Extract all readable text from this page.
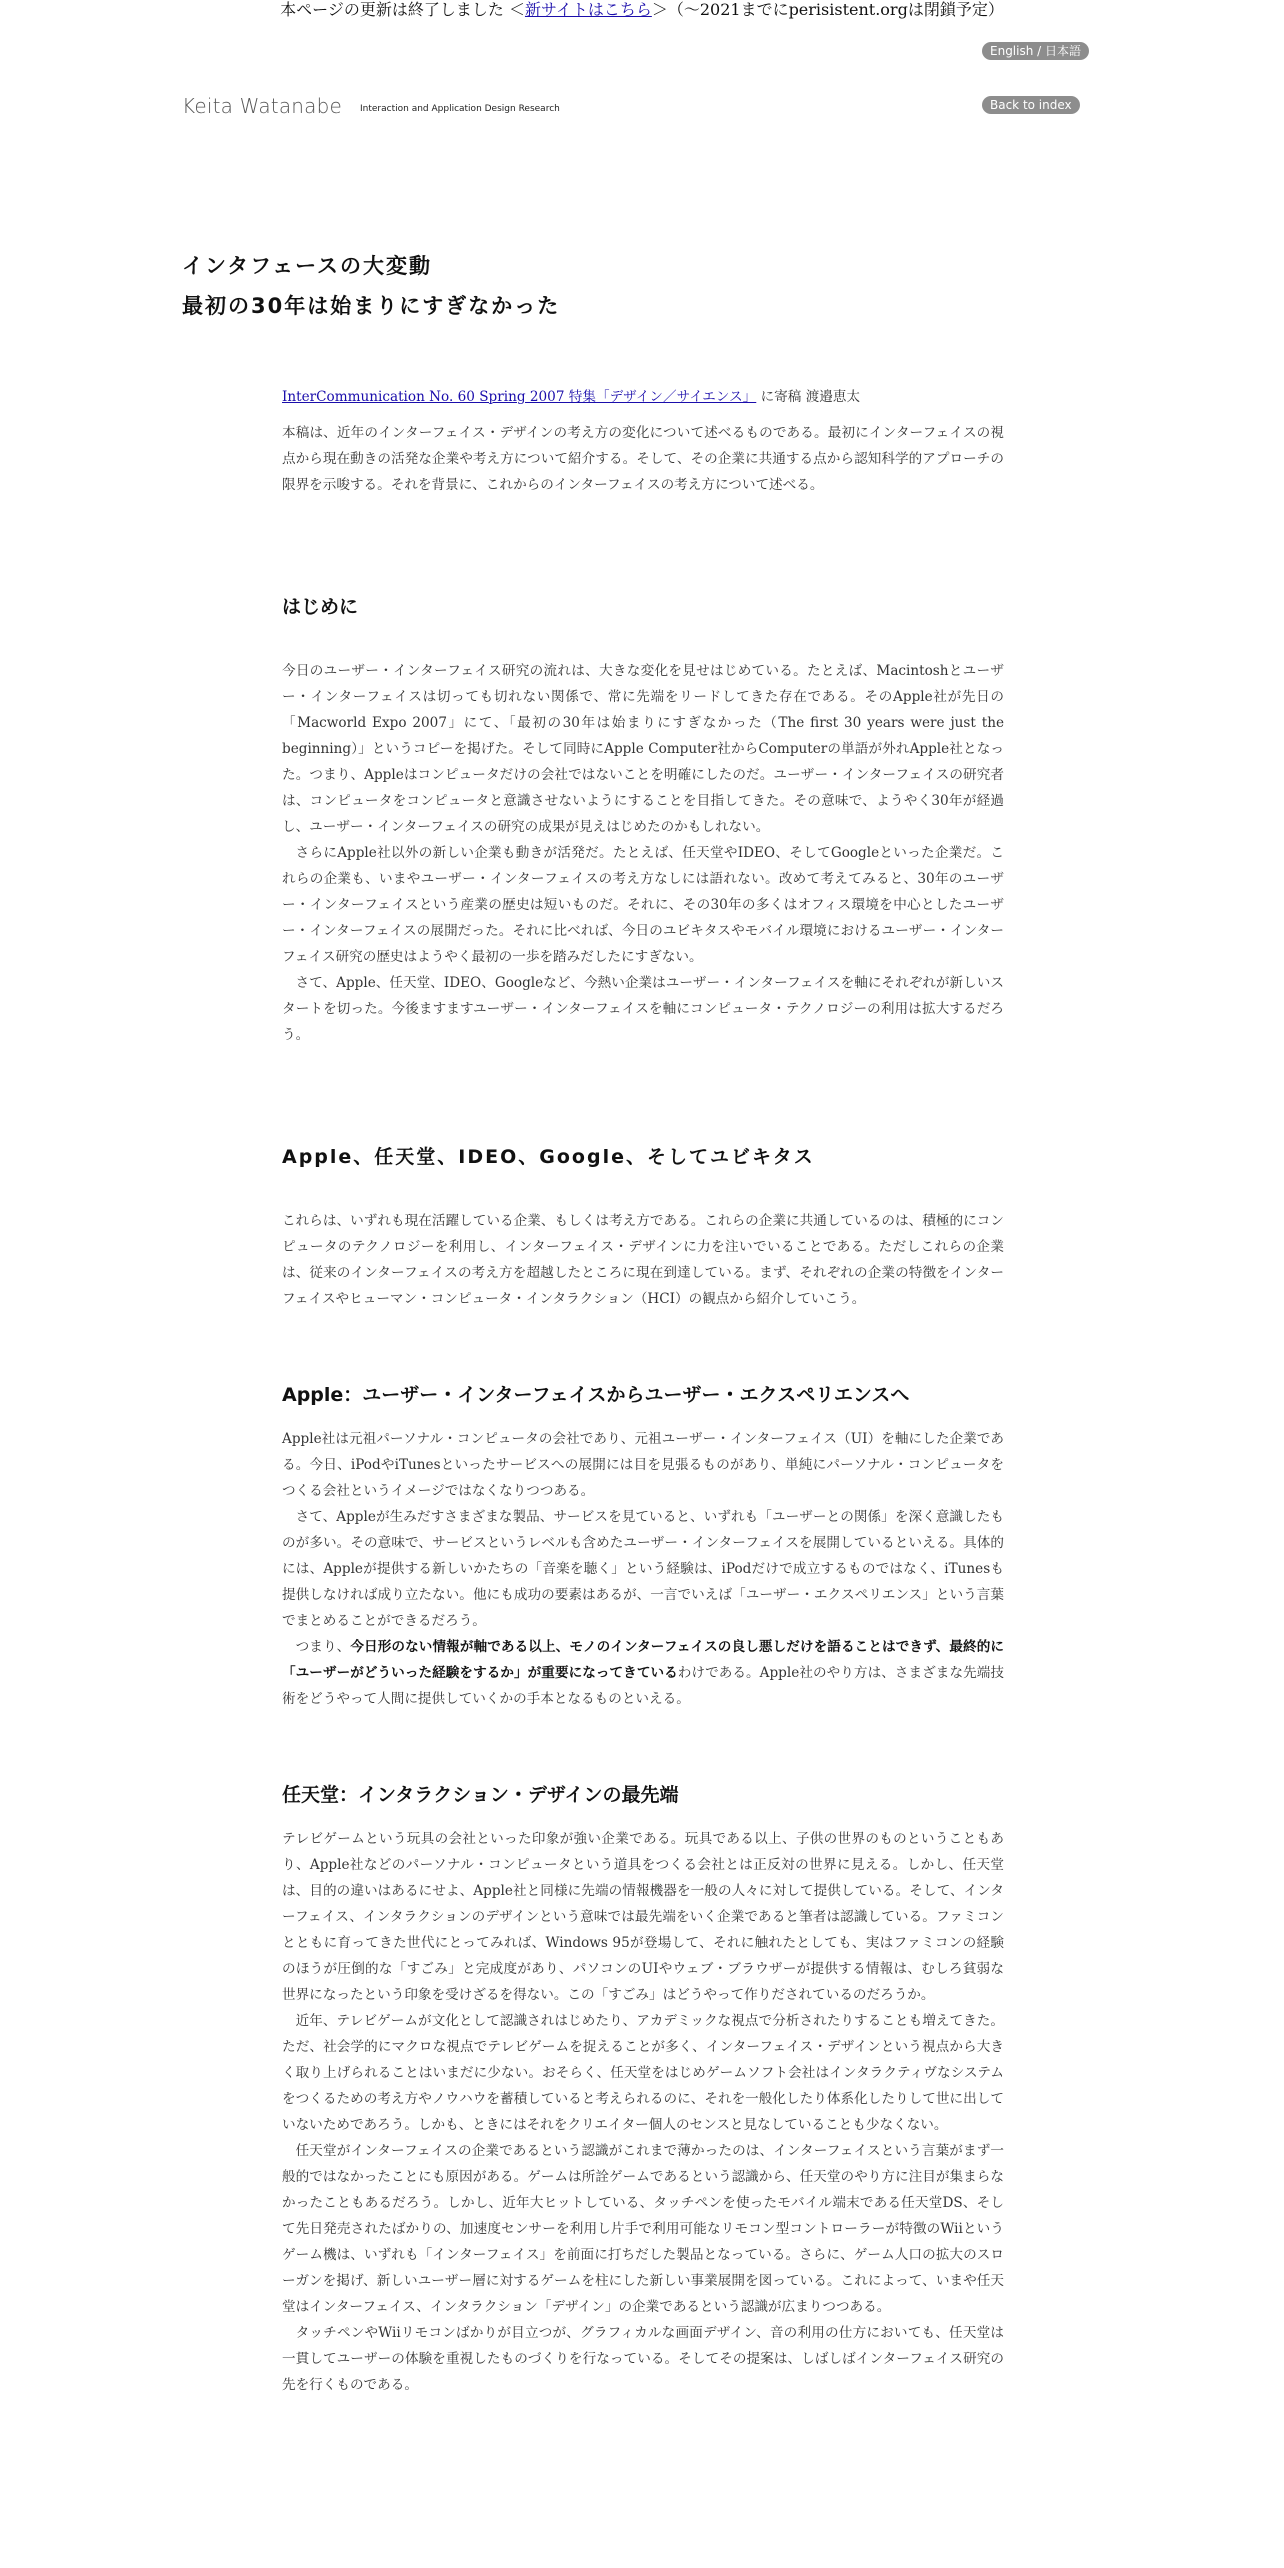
本ページの更新は終了しました ＜新サイトはこちら＞（〜2021までにperisistent.orgは閉鎖予定）
English / 日本語
Back to index
Keita Watanabe Interaction and Application Design Research
インタフェースの大変動
最初の30年は始まりにすぎなかった
InterCommunication No. 60 Spring 2007 特集「デザイン／サイエンス」 に寄稿 渡邉恵太

本稿は、近年のインターフェイス・デザインの考え方の変化について述べるものである。最初にインターフェイスの視点から現在動きの活発な企業や考え方について紹介する。そして、その企業に共通する点から認知科学的アプローチの限界を示唆する。それを背景に、これからのインターフェイスの考え方について述べる。

はじめに

今日のユーザー・インターフェイス研究の流れは、大きな変化を見せはじめている。たとえば、Macintoshとユーザー・インターフェイスは切っても切れない関係で、常に先端をリードしてきた存在である。そのApple社が先日の「Macworld Expo 2007」にて、「最初の30年は始まりにすぎなかった（The first 30 years were just the beginning）」というコピーを掲げた。そして同時にApple Computer社からComputerの単語が外れApple社となった。つまり、Appleはコンピュータだけの会社ではないことを明確にしたのだ。ユーザー・インターフェイスの研究者は、コンピュータをコンピュータと意識させないようにすることを目指してきた。その意味で、ようやく30年が経過し、ユーザー・インターフェイスの研究の成果が見えはじめたのかもしれない。

さらにApple社以外の新しい企業も動きが活発だ。たとえば、任天堂やIDEO、そしてGoogleといった企業だ。これらの企業も、いまやユーザー・インターフェイスの考え方なしには語れない。改めて考えてみると、30年のユーザー・インターフェイスという産業の歴史は短いものだ。それに、その30年の多くはオフィス環境を中心としたユーザー・インターフェイスの展開だった。それに比べれば、今日のユビキタスやモバイル環境におけるユーザー・インターフェイス研究の歴史はようやく最初の一歩を踏みだしたにすぎない。

さて、Apple、任天堂、IDEO、Googleなど、今熱い企業はユーザー・インターフェイスを軸にそれぞれが新しいスタートを切った。今後ますますユーザー・インターフェイスを軸にコンピュータ・テクノロジーの利用は拡大するだろう。

Apple、任天堂、IDEO、Google、そしてユビキタス

これらは、いずれも現在活躍している企業、もしくは考え方である。これらの企業に共通しているのは、積極的にコンピュータのテクノロジーを利用し、インターフェイス・デザインに力を注いでいることである。ただしこれらの企業は、従来のインターフェイスの考え方を超越したところに現在到達している。まず、それぞれの企業の特徴をインターフェイスやヒューマン・コンピュータ・インタラクション（HCI）の観点から紹介していこう。

Apple：ユーザー・インターフェイスからユーザー・エクスペリエンスへ

Apple社は元祖パーソナル・コンピュータの会社であり、元祖ユーザー・インターフェイス（UI）を軸にした企業である。今日、iPodやiTunesといったサービスへの展開には目を見張るものがあり、単純にパーソナル・コンピュータをつくる会社というイメージではなくなりつつある。

さて、Appleが生みだすさまざまな製品、サービスを見ていると、いずれも「ユーザーとの関係」を深く意識したものが多い。その意味で、サービスというレベルも含めたユーザー・インターフェイスを展開しているといえる。具体的には、Appleが提供する新しいかたちの「音楽を聴く」という経験は、iPodだけで成立するものではなく、iTunesも提供しなければ成り立たない。他にも成功の要素はあるが、一言でいえば「ユーザー・エクスペリエンス」という言葉でまとめることができるだろう。

つまり、今日形のない情報が軸である以上、モノのインターフェイスの良し悪しだけを語ることはできず、最終的に「ユーザーがどういった経験をするか」が重要になってきているわけである。Apple社のやり方は、さまざまな先端技術をどうやって人間に提供していくかの手本となるものといえる。

任天堂：インタラクション・デザインの最先端

テレビゲームという玩具の会社といった印象が強い企業である。玩具である以上、子供の世界のものということもあり、Apple社などのパーソナル・コンピュータという道具をつくる会社とは正反対の世界に見える。しかし、任天堂は、目的の違いはあるにせよ、Apple社と同様に先端の情報機器を一般の人々に対して提供している。そして、インターフェイス、インタラクションのデザインという意味では最先端をいく企業であると筆者は認識している。ファミコンとともに育ってきた世代にとってみれば、Windows 95が登場して、それに触れたとしても、実はファミコンの経験のほうが圧倒的な「すごみ」と完成度があり、パソコンのUIやウェブ・ブラウザーが提供する情報は、むしろ貧弱な世界になったという印象を受けざるを得ない。この「すごみ」はどうやって作りだされているのだろうか。

近年、テレビゲームが文化として認識されはじめたり、アカデミックな視点で分析されたりすることも増えてきた。ただ、社会学的にマクロな視点でテレビゲームを捉えることが多く、インターフェイス・デザインという視点から大きく取り上げられることはいまだに少ない。おそらく、任天堂をはじめゲームソフト会社はインタラクティヴなシステムをつくるための考え方やノウハウを蓄積していると考えられるのに、それを一般化したり体系化したりして世に出していないためであろう。しかも、ときにはそれをクリエイター個人のセンスと見なしていることも少なくない。

任天堂がインターフェイスの企業であるという認識がこれまで薄かったのは、インターフェイスという言葉がまず一般的ではなかったことにも原因がある。ゲームは所詮ゲームであるという認識から、任天堂のやり方に注目が集まらなかったこともあるだろう。しかし、近年大ヒットしている、タッチペンを使ったモバイル端末である任天堂DS、そして先日発売されたばかりの、加速度センサーを利用し片手で利用可能なリモコン型コントローラーが特徴のWiiというゲーム機は、いずれも「インターフェイス」を前面に打ちだした製品となっている。さらに、ゲーム人口の拡大のスローガンを掲げ、新しいユーザー層に対するゲームを柱にした新しい事業展開を図っている。これによって、いまや任天堂はインターフェイス、インタラクション「デザイン」の企業であるという認識が広まりつつある。

タッチペンやWiiリモコンばかりが目立つが、グラフィカルな画面デザイン、音の利用の仕方においても、任天堂は一貫してユーザーの体験を重視したものづくりを行なっている。そしてその提案は、しばしばインターフェイス研究の先を行くものである。
